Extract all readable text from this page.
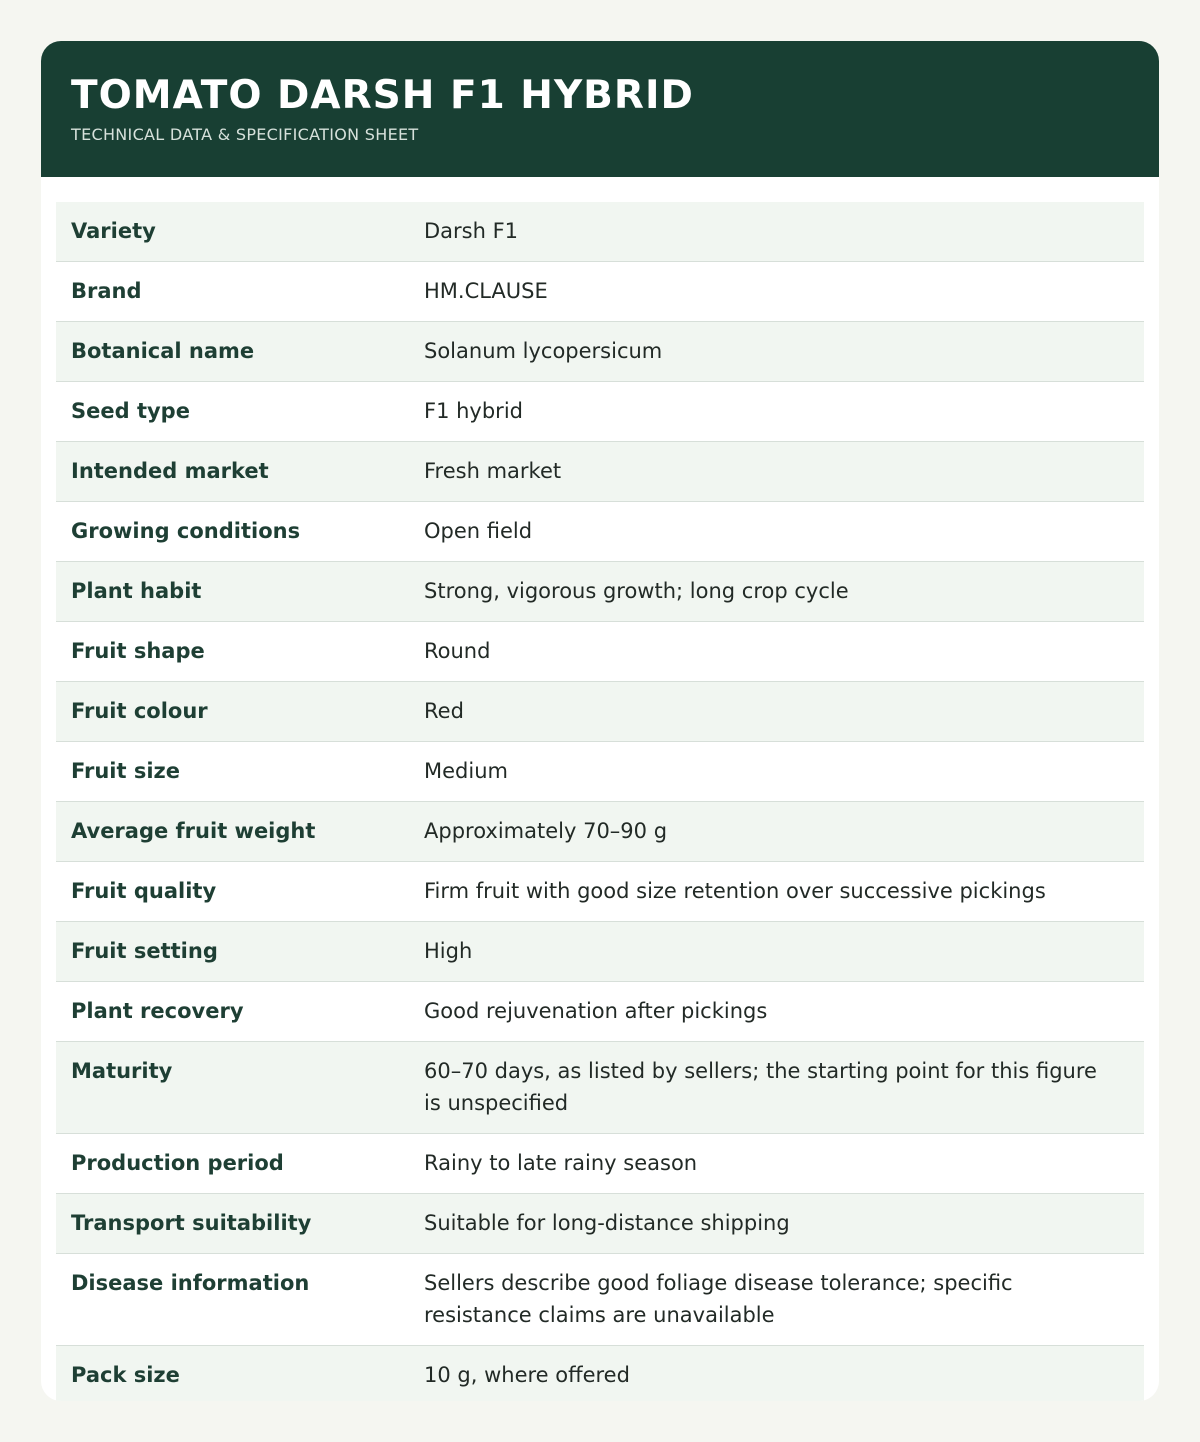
TOMATO DARSH F1 HYBRID

TECHNICAL DATA & SPECIFICATION SHEET

Variety	Darsh F1
Brand	HM.CLAUSE
Botanical name	Solanum lycopersicum
Seed type	F1 hybrid
Intended market	Fresh market
Growing conditions	Open field
Plant habit	Strong, vigorous growth; long crop cycle
Fruit shape	Round
Fruit colour	Red
Fruit size	Medium
Average fruit weight	Approximately 70–90 g
Fruit quality	Firm fruit with good size retention over successive pickings
Fruit setting	High
Plant recovery	Good rejuvenation after pickings
Maturity	60–70 days, as listed by sellers; the starting point for this figure is unspecified
Production period	Rainy to late rainy season
Transport suitability	Suitable for long-distance shipping
Disease information	Sellers describe good foliage disease tolerance; specific resistance claims are unavailable
Pack size	10 g, where offered
